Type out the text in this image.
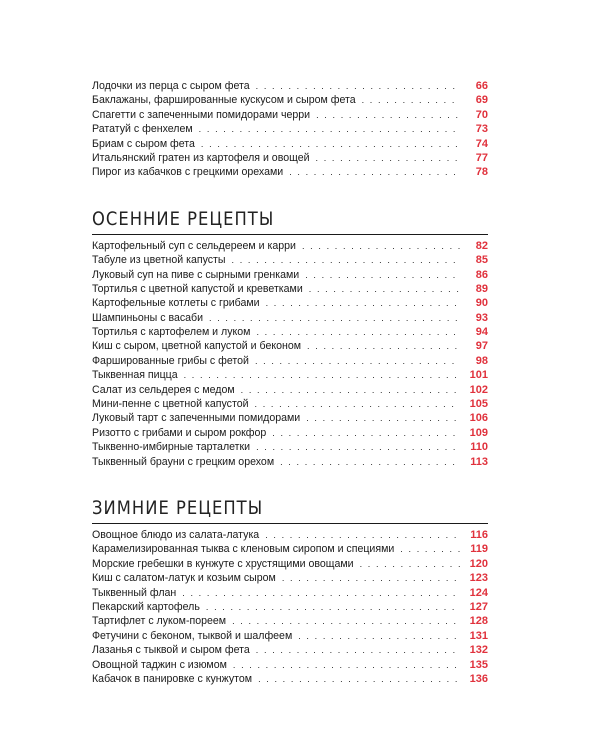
Лодочки из перца с сыром фета . . .	66
Баклажаны, фаршированные кускусом и сыром фета . . .	69
Спагетти с запеченными помидорами черри . . .	70
Рататуй с фенхелем . . .	73
Бриам с сыром фета . . .	74
Итальянский гратен из картофеля и овощей . . .	77
Пирог из кабачков с грецкими орехами . . .	78
ОСЕННИЕ РЕЦЕПТЫ
Картофельный суп с сельдереем и карри . . .	82
Табуле из цветной капусты . . .	85
Луковый суп на пиве с сырными гренками . . .	86
Тортилья с цветной капустой и креветками . . .	89
Картофельные котлеты с грибами . . .	90
Шампиньоны с васаби . . .	93
Тортилья с картофелем и луком . . .	94
Киш с сыром, цветной капустой и беконом . . .	97
Фаршированные грибы с фетой . . .	98
Тыквенная пицца . . .	101
Салат из сельдерея с медом . . .	102
Мини-пенне с цветной капустой . . .	105
Луковый тарт с запеченными помидорами . . .	106
Ризотто с грибами и сыром рокфор . . .	109
Тыквенно-имбирные тарталетки . . .	110
Тыквенный брауни с грецким орехом . . .	113
ЗИМНИЕ РЕЦЕПТЫ
Овощное блюдо из салата-латука . . .	116
Карамелизированная тыква с кленовым сиропом и специями . . .	119
Морские гребешки в кунжуте с хрустящими овощами . . .	120
Киш с салатом-латук и козьим сыром . . .	123
Тыквенный флан . . .	124
Пекарский картофель . . .	127
Тартифлет с луком-пореем . . .	128
Фетучини с беконом, тыквой и шалфеем . . .	131
Лазанья с тыквой и сыром фета . . .	132
Овощной таджин с изюмом . . .	135
Кабачок в панировке с кунжутом . . .	136
